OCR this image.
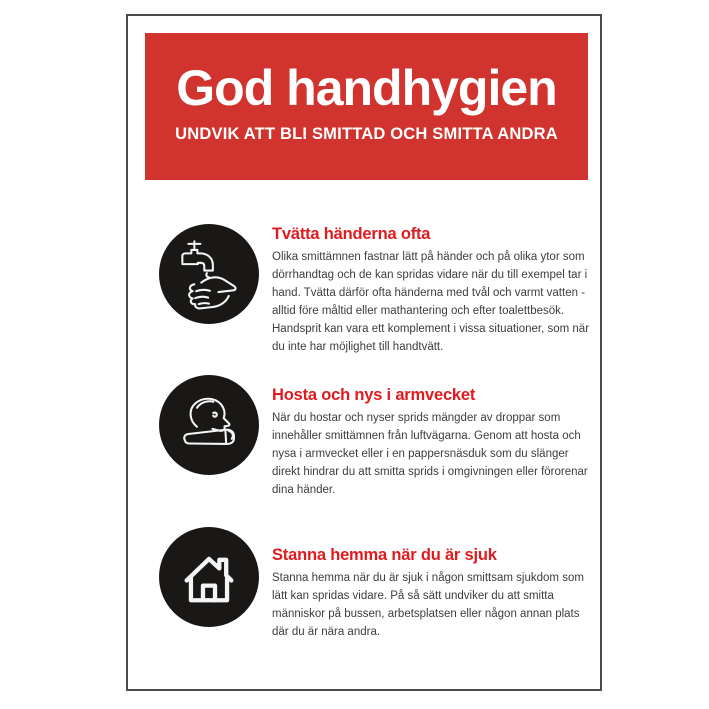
God handhygien
UNDVIK ATT BLI SMITTAD OCH SMITTA ANDRA
Tvätta händerna ofta

Olika smittämnen fastnar lätt på händer och på olika ytor som dörrhandtag och de kan spridas vidare när du till exempel tar i hand. Tvätta därför ofta händerna med tvål och varmt vatten - alltid före måltid eller mathantering och efter toalettbesök. Handsprit kan vara ett komplement i vissa situationer, som när du inte har möjlighet till handtvätt.

Hosta och nys i armvecket

När du hostar och nyser sprids mängder av droppar som innehåller smittämnen från luftvägarna. Genom att hosta och nysa i armvecket eller i en pappersnäsduk som du slänger direkt hindrar du att smitta sprids i omgivningen eller förorenar dina händer.

Stanna hemma när du är sjuk

Stanna hemma när du är sjuk i någon smittsam sjukdom som lätt kan spridas vidare. På så sätt undviker du att smitta människor på bussen, arbetsplatsen eller någon annan plats där du är nära andra.
